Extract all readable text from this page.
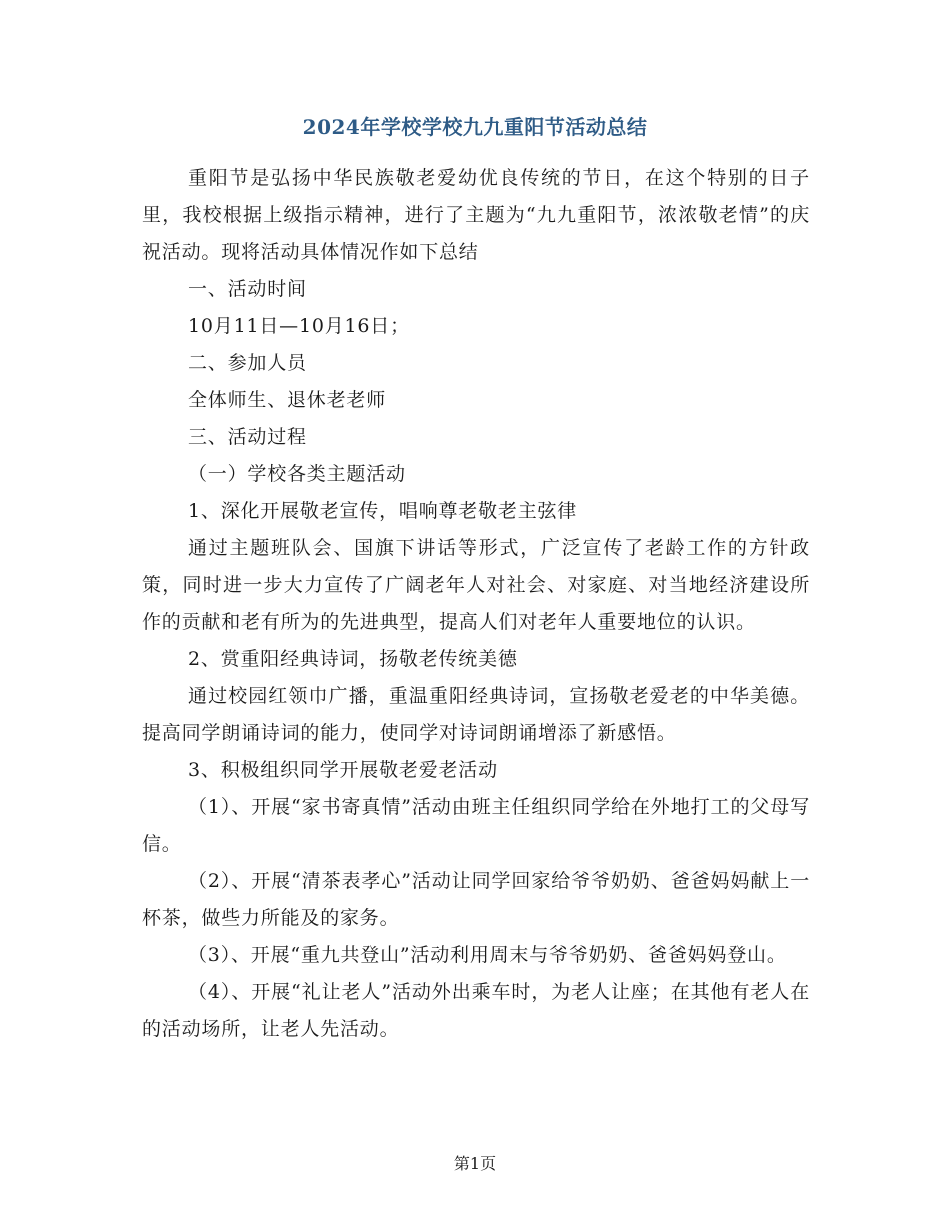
2024年学校学校九九重阳节活动总结

重阳节是弘扬中华民族敬老爱幼优良传统的节日，在这个特别的日子里，我校根据上级指示精神，进行了主题为“九九重阳节，浓浓敬老情”的庆祝活动。现将活动具体情况作如下总结

一、活动时间

10月11日—10月16日；

二、参加人员

全体师生、退休老老师

三、活动过程

（一）学校各类主题活动

1、深化开展敬老宣传，唱响尊老敬老主弦律

通过主题班队会、国旗下讲话等形式，广泛宣传了老龄工作的方针政策，同时进一步大力宣传了广阔老年人对社会、对家庭、对当地经济建设所作的贡献和老有所为的先进典型，提高人们对老年人重要地位的认识。

2、赏重阳经典诗词，扬敬老传统美德

通过校园红领巾广播，重温重阳经典诗词，宣扬敬老爱老的中华美德。提高同学朗诵诗词的能力，使同学对诗词朗诵增添了新感悟。

3、积极组织同学开展敬老爱老活动

（1）、开展“家书寄真情”活动由班主任组织同学给在外地打工的父母写信。

（2）、开展“清茶表孝心”活动让同学回家给爷爷奶奶、爸爸妈妈献上一杯茶，做些力所能及的家务。

（3）、开展“重九共登山”活动利用周末与爷爷奶奶、爸爸妈妈登山。

（4）、开展“礼让老人”活动外出乘车时，为老人让座；在其他有老人在的活动场所，让老人先活动。

第1页
